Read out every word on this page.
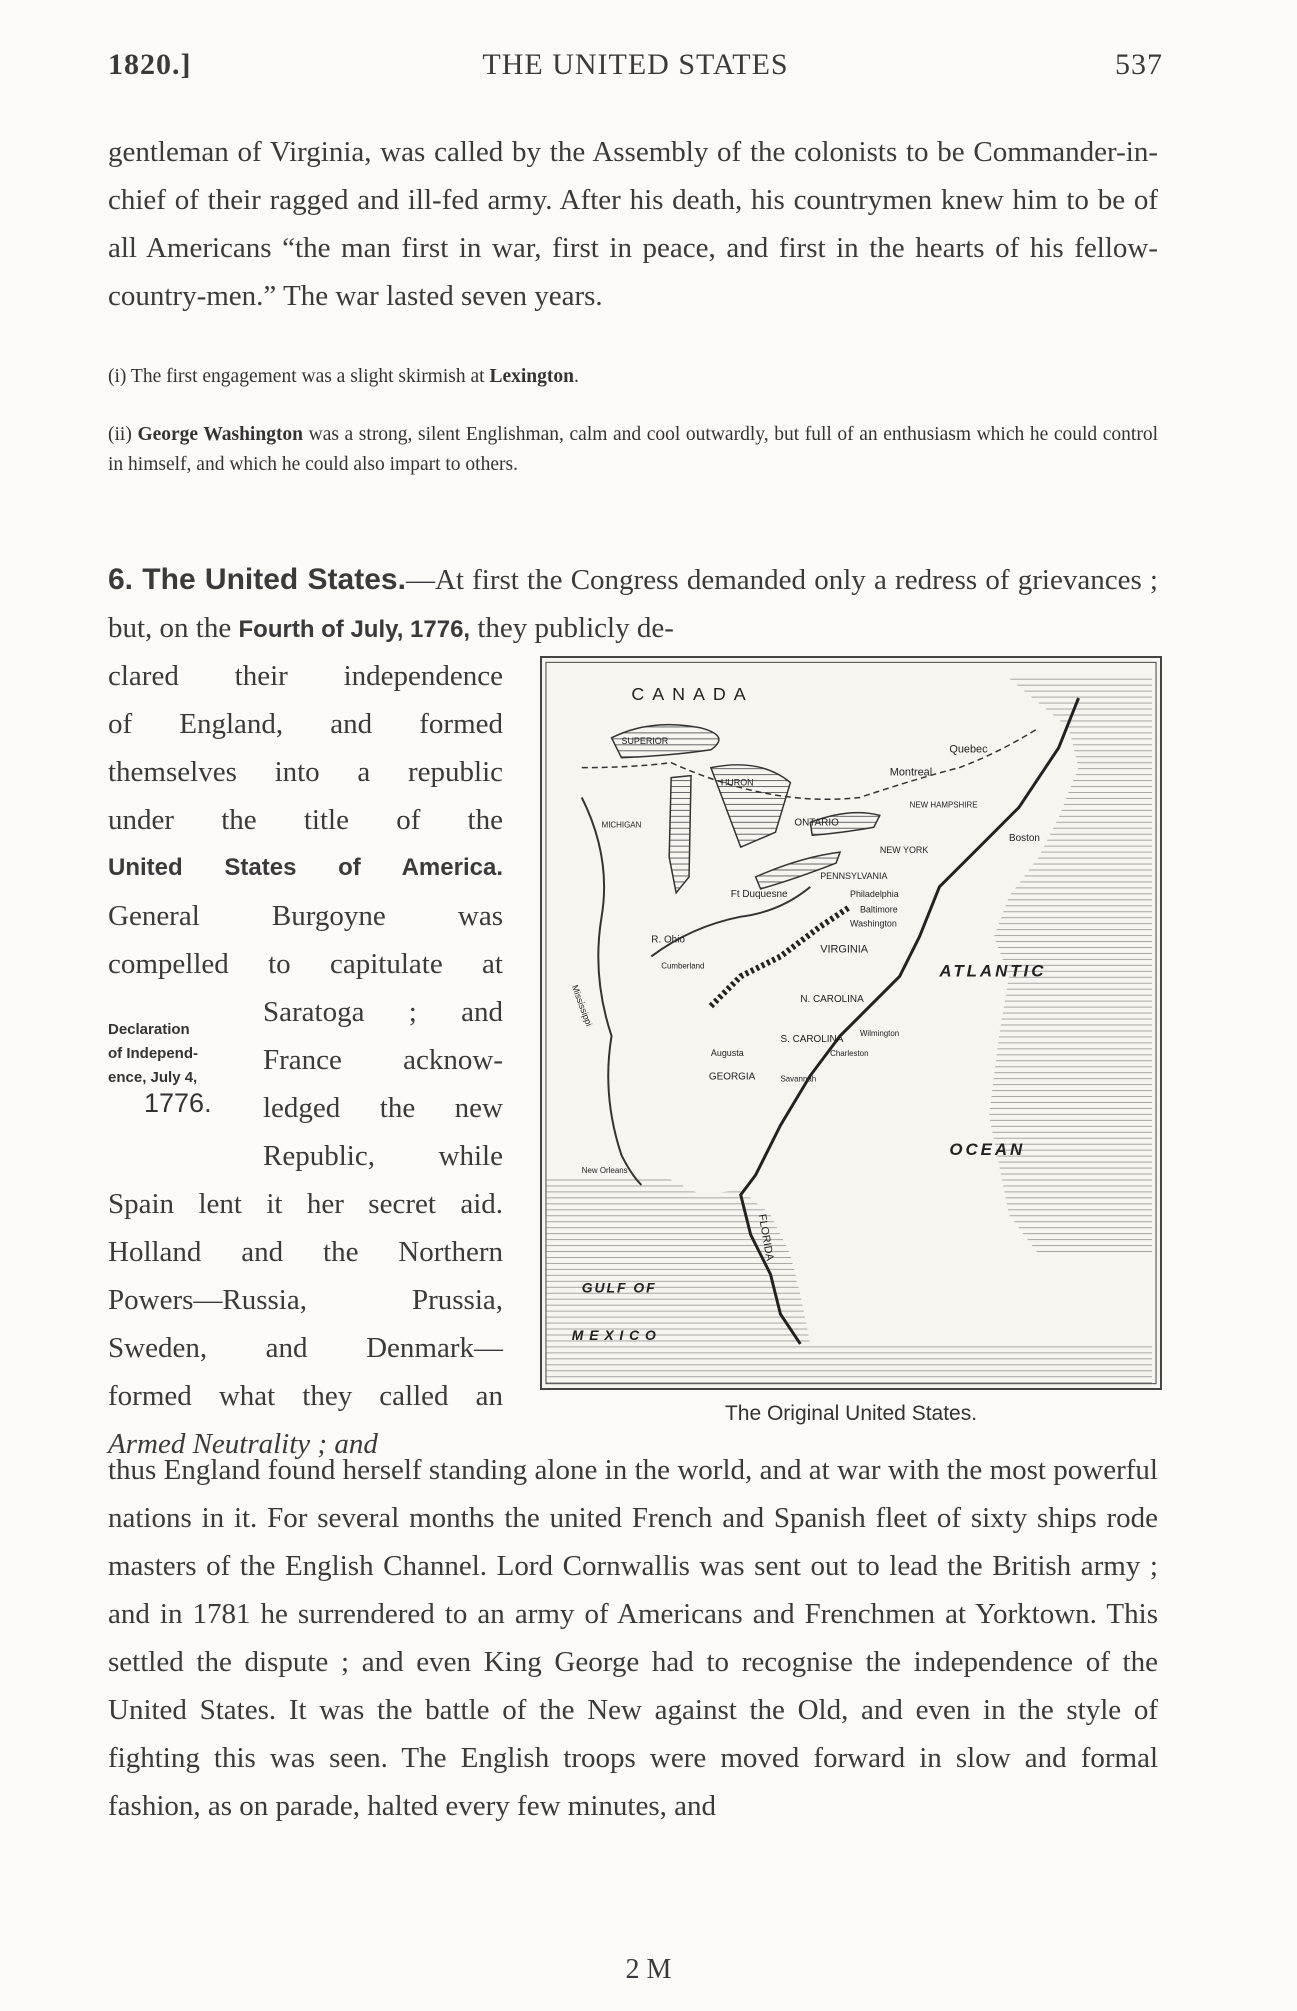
1820.]	THE UNITED STATES	537
gentleman of Virginia, was called by the Assembly of the colonists to be Commander-in-chief of their ragged and ill-fed army. After his death, his countrymen knew him to be of all Americans “the man first in war, first in peace, and first in the hearts of his fellow-country-men.” The war lasted seven years.
(i) The first engagement was a slight skirmish at Lexington.
(ii) George Washington was a strong, silent Englishman, calm and cool outwardly, but full of an enthusiasm which he could control in himself, and which he could also impart to others.
6. The United States.—At first the Congress demanded only a redress of grievances ; but, on the Fourth of July, 1776, they publicly de-
clared their independence
of England, and formed
themselves into a republic
under the title of the
United States of America.
General Burgoyne was
compelled to capitulate at
Saratoga ; and
France acknow-
ledged the new
Republic, while
Spain lent it her secret aid.
Holland and the Northern
Powers—Russia, Prussia,
Sweden, and Denmark—
formed what they called an
Armed Neutrality ; and
Declaration
of Independ-
ence, July 4,
1776.
C A N A D A
Quebec
Montreal
SUPERIOR
HURON
MICHIGAN	ONTARIO
NEW HAMPSHIRE
Boston
NEW YORK
PENNSYLVANIA
Philadelphia
Ft Duquesne
Baltimore
Washington
R. Ohio
VIRGINIA
Cumberland
Mississippi	N. CAROLINA
S. CAROLINA
Wilmington
Augusta	Charleston
GEORGIA	Savannah
ATLANTIC
OCEAN
GULF OF
M E X I C O
FLORIDA
New Orleans
The Original United States.
thus England found herself standing alone in the world, and at war with the most powerful nations in it. For several months the united French and Spanish fleet of sixty ships rode masters of the English Channel. Lord Cornwallis was sent out to lead the British army ; and in 1781 he surrendered to an army of Americans and Frenchmen at Yorktown. This settled the dispute ; and even King George had to recognise the independence of the United States. It was the battle of the New against the Old, and even in the style of fighting this was seen. The English troops were moved forward in slow and formal fashion, as on parade, halted every few minutes, and
2 M
